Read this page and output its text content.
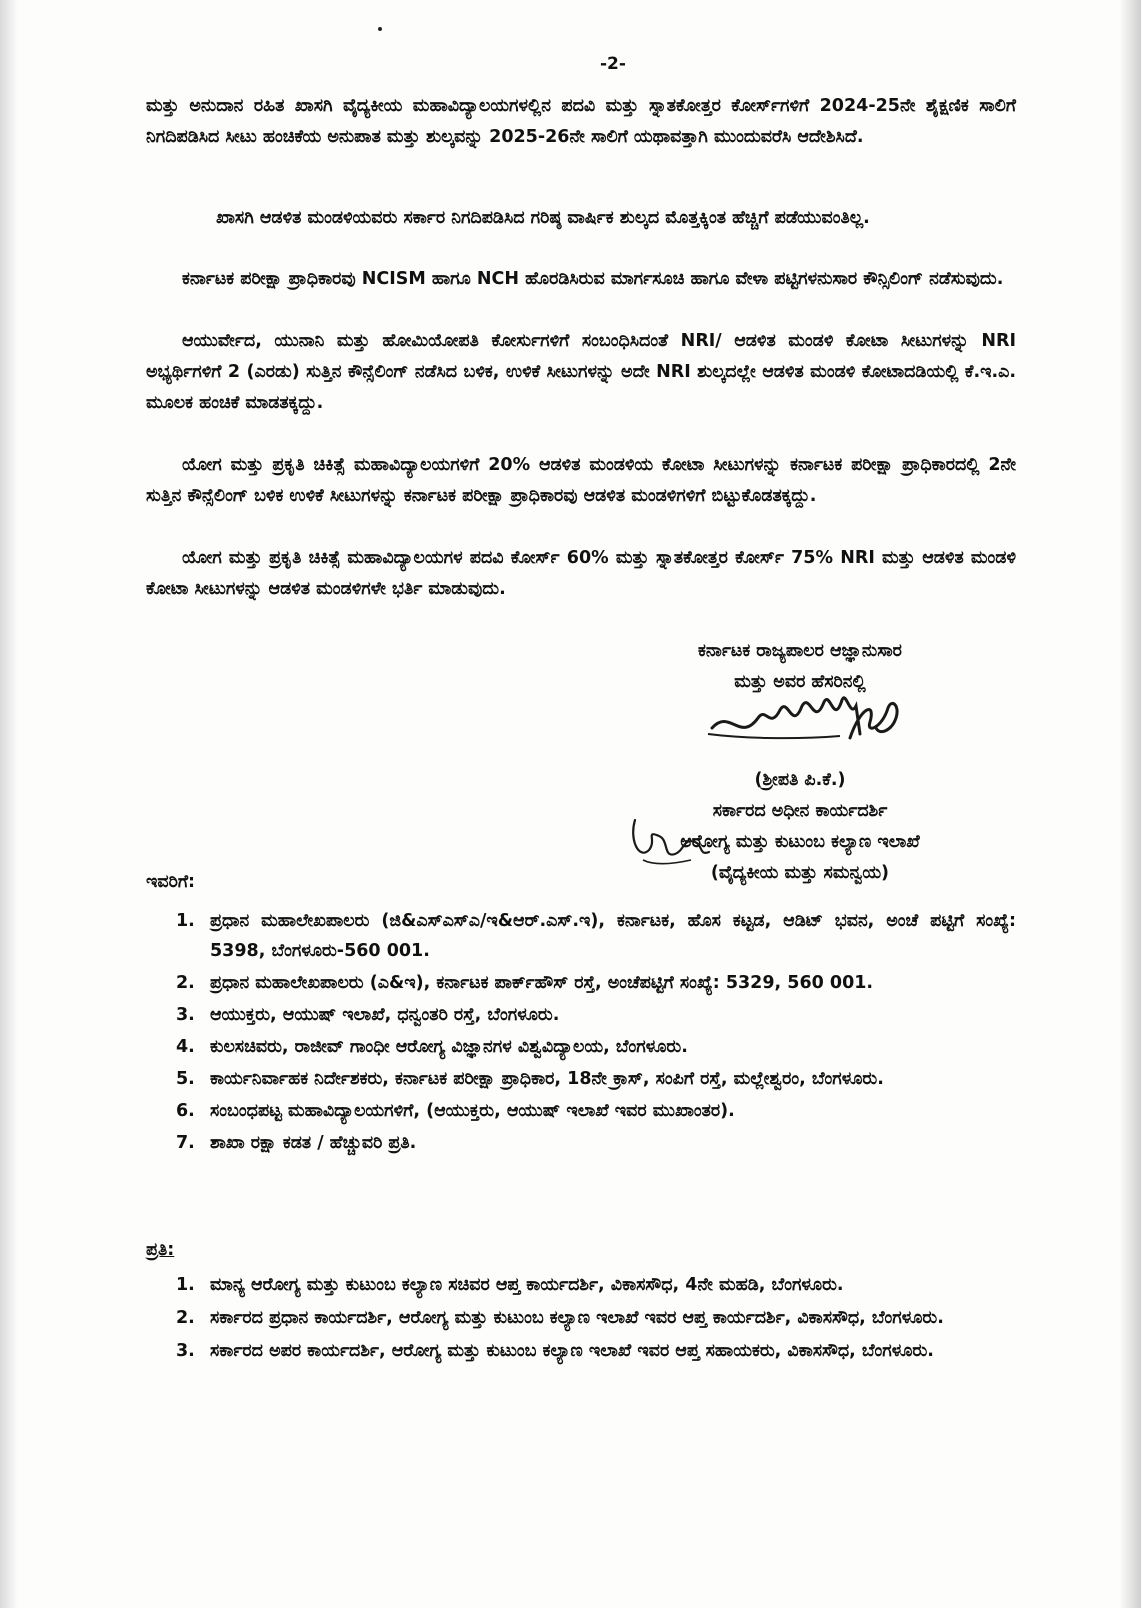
-2-

ಮತ್ತು ಅನುದಾನ ರಹಿತ ಖಾಸಗಿ ವೈದ್ಯಕೀಯ ಮಹಾವಿದ್ಯಾಲಯಗಳಲ್ಲಿನ ಪದವಿ ಮತ್ತು ಸ್ನಾತಕೋತ್ತರ ಕೋರ್ಸ್‌ಗಳಿಗೆ 2024-25ನೇ ಶೈಕ್ಷಣಿಕ ಸಾಲಿಗೆ ನಿಗದಿಪಡಿಸಿದ ಸೀಟು ಹಂಚಿಕೆಯ ಅನುಪಾತ ಮತ್ತು ಶುಲ್ಕವನ್ನು 2025-26ನೇ ಸಾಲಿಗೆ ಯಥಾವತ್ತಾಗಿ ಮುಂದುವರೆಸಿ ಆದೇಶಿಸಿದೆ.

ಖಾಸಗಿ ಆಡಳಿತ ಮಂಡಳಿಯವರು ಸರ್ಕಾರ ನಿಗದಿಪಡಿಸಿದ ಗರಿಷ್ಠ ವಾರ್ಷಿಕ ಶುಲ್ಕದ ಮೊತ್ತಕ್ಕಿಂತ ಹೆಚ್ಚಿಗೆ ಪಡೆಯುವಂತಿಲ್ಲ.

ಕರ್ನಾಟಕ ಪರೀಕ್ಷಾ ಪ್ರಾಧಿಕಾರವು NCISM ಹಾಗೂ NCH ಹೊರಡಿಸಿರುವ ಮಾರ್ಗಸೂಚಿ ಹಾಗೂ ವೇಳಾ ಪಟ್ಟಿಗಳನುಸಾರ ಕೌನ್ಸಿಲಿಂಗ್ ನಡೆಸುವುದು.

ಆಯುರ್ವೇದ, ಯುನಾನಿ ಮತ್ತು ಹೋಮಿಯೋಪತಿ ಕೋರ್ಸುಗಳಿಗೆ ಸಂಬಂಧಿಸಿದಂತೆ NRI/ ಆಡಳಿತ ಮಂಡಳಿ ಕೋಟಾ ಸೀಟುಗಳನ್ನು NRI ಅಭ್ಯರ್ಥಿಗಳಿಗೆ 2 (ಎರಡು) ಸುತ್ತಿನ ಕೌನ್ಸೆಲಿಂಗ್ ನಡೆಸಿದ ಬಳಿಕ, ಉಳಿಕೆ ಸೀಟುಗಳನ್ನು ಅದೇ NRI ಶುಲ್ಕದಲ್ಲೇ ಆಡಳಿತ ಮಂಡಳಿ ಕೋಟಾದಡಿಯಲ್ಲಿ ಕೆ.ಇ.ಎ. ಮೂಲಕ ಹಂಚಿಕೆ ಮಾಡತಕ್ಕದ್ದು.

ಯೋಗ ಮತ್ತು ಪ್ರಕೃತಿ ಚಿಕಿತ್ಸೆ ಮಹಾವಿದ್ಯಾಲಯಗಳಿಗೆ 20% ಆಡಳಿತ ಮಂಡಳಿಯ ಕೋಟಾ ಸೀಟುಗಳನ್ನು ಕರ್ನಾಟಕ ಪರೀಕ್ಷಾ ಪ್ರಾಧಿಕಾರದಲ್ಲಿ 2ನೇ ಸುತ್ತಿನ ಕೌನ್ಸೆಲಿಂಗ್ ಬಳಿಕ ಉಳಿಕೆ ಸೀಟುಗಳನ್ನು ಕರ್ನಾಟಕ ಪರೀಕ್ಷಾ ಪ್ರಾಧಿಕಾರವು ಆಡಳಿತ ಮಂಡಳಿಗಳಿಗೆ ಬಿಟ್ಟುಕೊಡತಕ್ಕದ್ದು.

ಯೋಗ ಮತ್ತು ಪ್ರಕೃತಿ ಚಿಕಿತ್ಸೆ ಮಹಾವಿದ್ಯಾಲಯಗಳ ಪದವಿ ಕೋರ್ಸ್ 60% ಮತ್ತು ಸ್ನಾತಕೋತ್ತರ ಕೋರ್ಸ್ 75% NRI ಮತ್ತು ಆಡಳಿತ ಮಂಡಳಿ ಕೋಟಾ ಸೀಟುಗಳನ್ನು ಆಡಳಿತ ಮಂಡಳಿಗಳೇ ಭರ್ತಿ ಮಾಡುವುದು.

ಕರ್ನಾಟಕ ರಾಜ್ಯಪಾಲರ ಆಜ್ಞಾನುಸಾರ
ಮತ್ತು ಅವರ ಹೆಸರಿನಲ್ಲಿ
(ಶ್ರೀಪತಿ ಪಿ.ಕೆ.)
ಸರ್ಕಾರದ ಅಧೀನ ಕಾರ್ಯದರ್ಶಿ
ಆರೋಗ್ಯ ಮತ್ತು ಕುಟುಂಬ ಕಲ್ಯಾಣ ಇಲಾಖೆ
(ವೈದ್ಯಕೀಯ ಮತ್ತು ಸಮನ್ವಯ)
ಇವರಿಗೆ:
1. ಪ್ರಧಾನ ಮಹಾಲೇಖಪಾಲರು (ಜಿ&ಎಸ್‌ಎಸ್‌ಎ/ಇ&ಆರ್.ಎಸ್.ಇ), ಕರ್ನಾಟಕ, ಹೊಸ ಕಟ್ಟಡ, ಆಡಿಟ್ ಭವನ, ಅಂಚೆ ಪಟ್ಟಿಗೆ ಸಂಖ್ಯೆ: 5398, ಬೆಂಗಳೂರು-560 001.
2. ಪ್ರಧಾನ ಮಹಾಲೇಖಪಾಲರು (ಎ&ಇ), ಕರ್ನಾಟಕ ಪಾರ್ಕ್‌ಹೌಸ್ ರಸ್ತೆ, ಅಂಚೆಪಟ್ಟಿಗೆ ಸಂಖ್ಯೆ: 5329, 560 001.
3. ಆಯುಕ್ತರು, ಆಯುಷ್ ಇಲಾಖೆ, ಧನ್ವಂತರಿ ರಸ್ತೆ, ಬೆಂಗಳೂರು.
4. ಕುಲಸಚಿವರು, ರಾಜೀವ್ ಗಾಂಧೀ ಆರೋಗ್ಯ ವಿಜ್ಞಾನಗಳ ವಿಶ್ವವಿದ್ಯಾಲಯ, ಬೆಂಗಳೂರು.
5. ಕಾರ್ಯನಿರ್ವಾಹಕ ನಿರ್ದೇಶಕರು, ಕರ್ನಾಟಕ ಪರೀಕ್ಷಾ ಪ್ರಾಧಿಕಾರ, 18ನೇ ಕ್ರಾಸ್, ಸಂಪಿಗೆ ರಸ್ತೆ, ಮಲ್ಲೇಶ್ವರಂ, ಬೆಂಗಳೂರು.
6. ಸಂಬಂಧಪಟ್ಟ ಮಹಾವಿದ್ಯಾಲಯಗಳಿಗೆ, (ಆಯುಕ್ತರು, ಆಯುಷ್ ಇಲಾಖೆ ಇವರ ಮುಖಾಂತರ).
7. ಶಾಖಾ ರಕ್ಷಾ ಕಡತ / ಹೆಚ್ಚುವರಿ ಪ್ರತಿ.
ಪ್ರತಿ:
1. ಮಾನ್ಯ ಆರೋಗ್ಯ ಮತ್ತು ಕುಟುಂಬ ಕಲ್ಯಾಣ ಸಚಿವರ ಆಪ್ತ ಕಾರ್ಯದರ್ಶಿ, ವಿಕಾಸಸೌಧ, 4ನೇ ಮಹಡಿ, ಬೆಂಗಳೂರು.
2. ಸರ್ಕಾರದ ಪ್ರಧಾನ ಕಾರ್ಯದರ್ಶಿ, ಆರೋಗ್ಯ ಮತ್ತು ಕುಟುಂಬ ಕಲ್ಯಾಣ ಇಲಾಖೆ ಇವರ ಆಪ್ತ ಕಾರ್ಯದರ್ಶಿ, ವಿಕಾಸಸೌಧ, ಬೆಂಗಳೂರು.
3. ಸರ್ಕಾರದ ಅಪರ ಕಾರ್ಯದರ್ಶಿ, ಆರೋಗ್ಯ ಮತ್ತು ಕುಟುಂಬ ಕಲ್ಯಾಣ ಇಲಾಖೆ ಇವರ ಆಪ್ತ ಸಹಾಯಕರು, ವಿಕಾಸಸೌಧ, ಬೆಂಗಳೂರು.
